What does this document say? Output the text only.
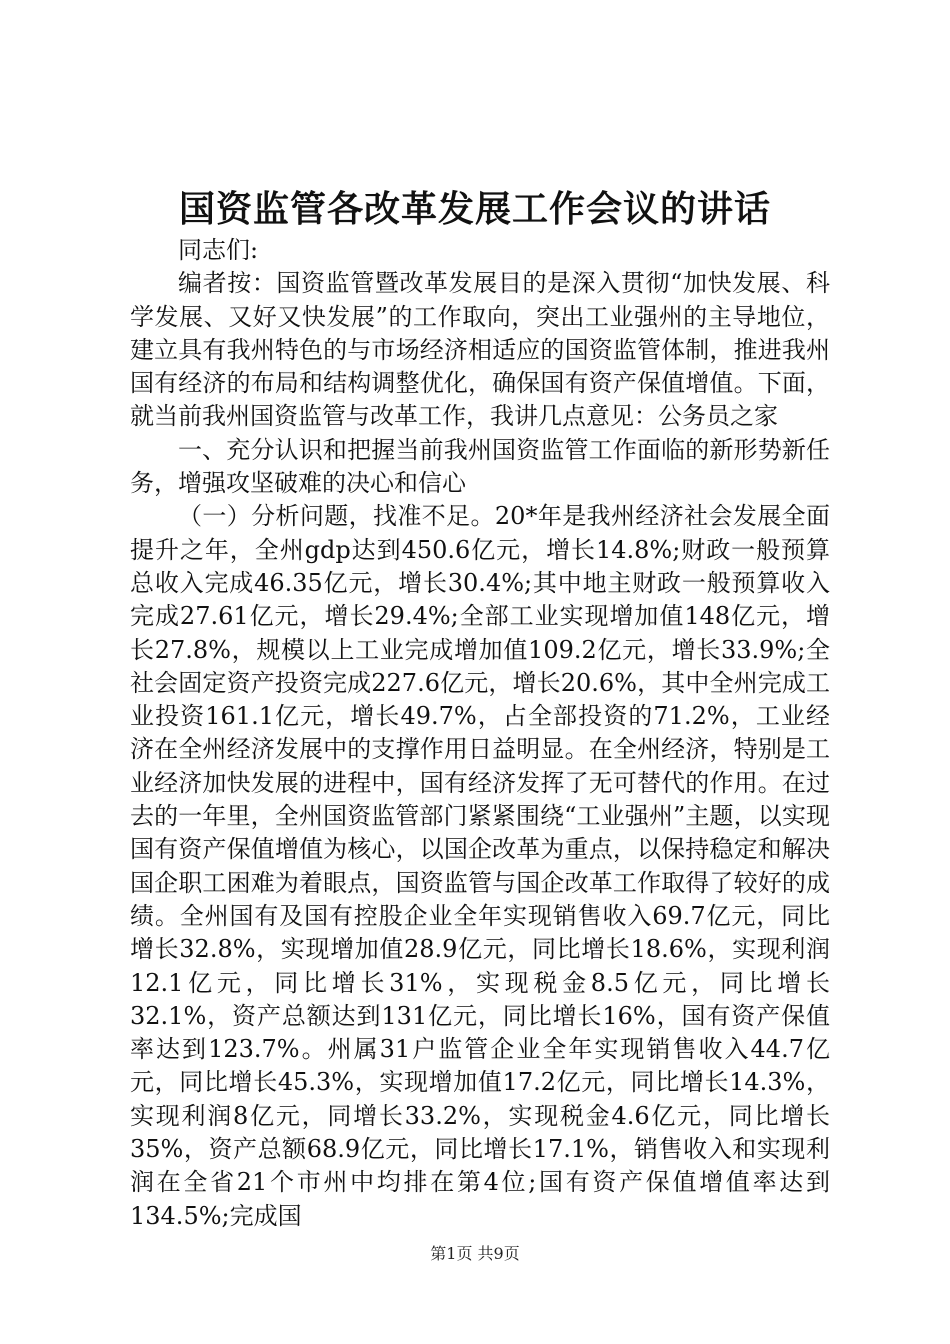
国资监管各改革发展工作会议的讲话

同志们:

编者按：国资监管暨改革发展目的是深入贯彻“加快发展、科学发展、又好又快发展”的工作取向，突出工业强州的主导地位，建立具有我州特色的与市场经济相适应的国资监管体制，推进我州国有经济的布局和结构调整优化，确保国有资产保值增值。下面，就当前我州国资监管与改革工作，我讲几点意见：公务员之家

一、充分认识和把握当前我州国资监管工作面临的新形势新任务，增强攻坚破难的决心和信心

（一）分析问题，找准不足。20*年是我州经济社会发展全面提升之年，全州gdp达到450.6亿元，增长14.8%;财政一般预算总收入完成46.35亿元，增长30.4%;其中地主财政一般预算收入完成27.61亿元，增长29.4%;全部工业实现增加值148亿元，增长27.8%，规模以上工业完成增加值109.2亿元，增长33.9%;全社会固定资产投资完成227.6亿元，增长20.6%，其中全州完成工业投资161.1亿元，增长49.7%，占全部投资的71.2%，工业经济在全州经济发展中的支撑作用日益明显。在全州经济，特别是工业经济加快发展的进程中，国有经济发挥了无可替代的作用。在过去的一年里，全州国资监管部门紧紧围绕“工业强州”主题，以实现国有资产保值增值为核心，以国企改革为重点，以保持稳定和解决国企职工困难为着眼点，国资监管与国企改革工作取得了较好的成绩。全州国有及国有控股企业全年实现销售收入69.7亿元，同比增长32.8%，实现增加值28.9亿元，同比增长18.6%，实现利润12.1亿元，同比增长31%，实现税金8.5亿元，同比增长32.1%，资产总额达到131亿元，同比增长16%，国有资产保值率达到123.7%。州属31户监管企业全年实现销售收入44.7亿元，同比增长45.3%，实现增加值17.2亿元，同比增长14.3%，实现利润8亿元，同增长33.2%，实现税金4.6亿元，同比增长35%，资产总额68.9亿元，同比增长17.1%，销售收入和实现利润在全省21个市州中均排在第4位;国有资产保值增值率达到134.5%;完成国

第1页 共9页
